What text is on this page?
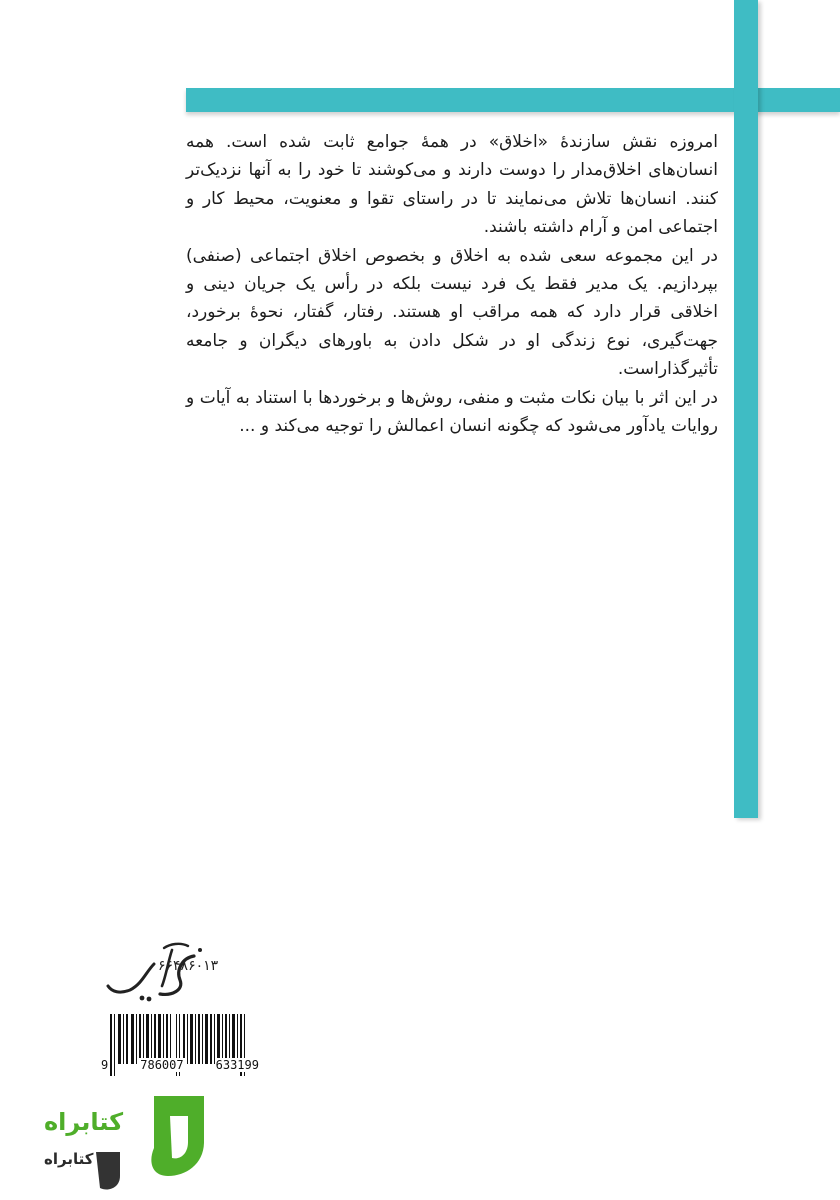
امروزه نقش سازندۀ «اخلاق» در همۀ جوامع ثابت شده است. همه انسان‌های اخلاق‌مدار را دوست دارند و می‌کوشند تا خود را به آنها نزدیک‌تر کنند. انسان‌ها تلاش می‌نمایند تا در راستای تقوا و معنویت، محیط کار و اجتماعی امن و آرام داشته باشند.

در این مجموعه سعی شده به اخلاق و بخصوص اخلاق اجتماعی (صنفی) بپردازیم. یک مدیر فقط یک فرد نیست بلکه در رأس یک جریان دینی و اخلاقی قرار دارد که همه مراقب او هستند. رفتار، گفتار، نحوۀ برخورد، جهت‌گیری، نوع زندگی او در شکل دادن به باورهای دیگران و جامعه تأثیرگذاراست.

در این اثر با بیان نکات مثبت و منفی، روش‌ها و برخوردها با استناد به آیات و روایات یادآور می‌شود که چگونه انسان اعمالش را توجیه می‌کند و ...

آرمان
۶۶۴۸۶۰۱۳
9	786007	633199
کتابراه
کتابراه
